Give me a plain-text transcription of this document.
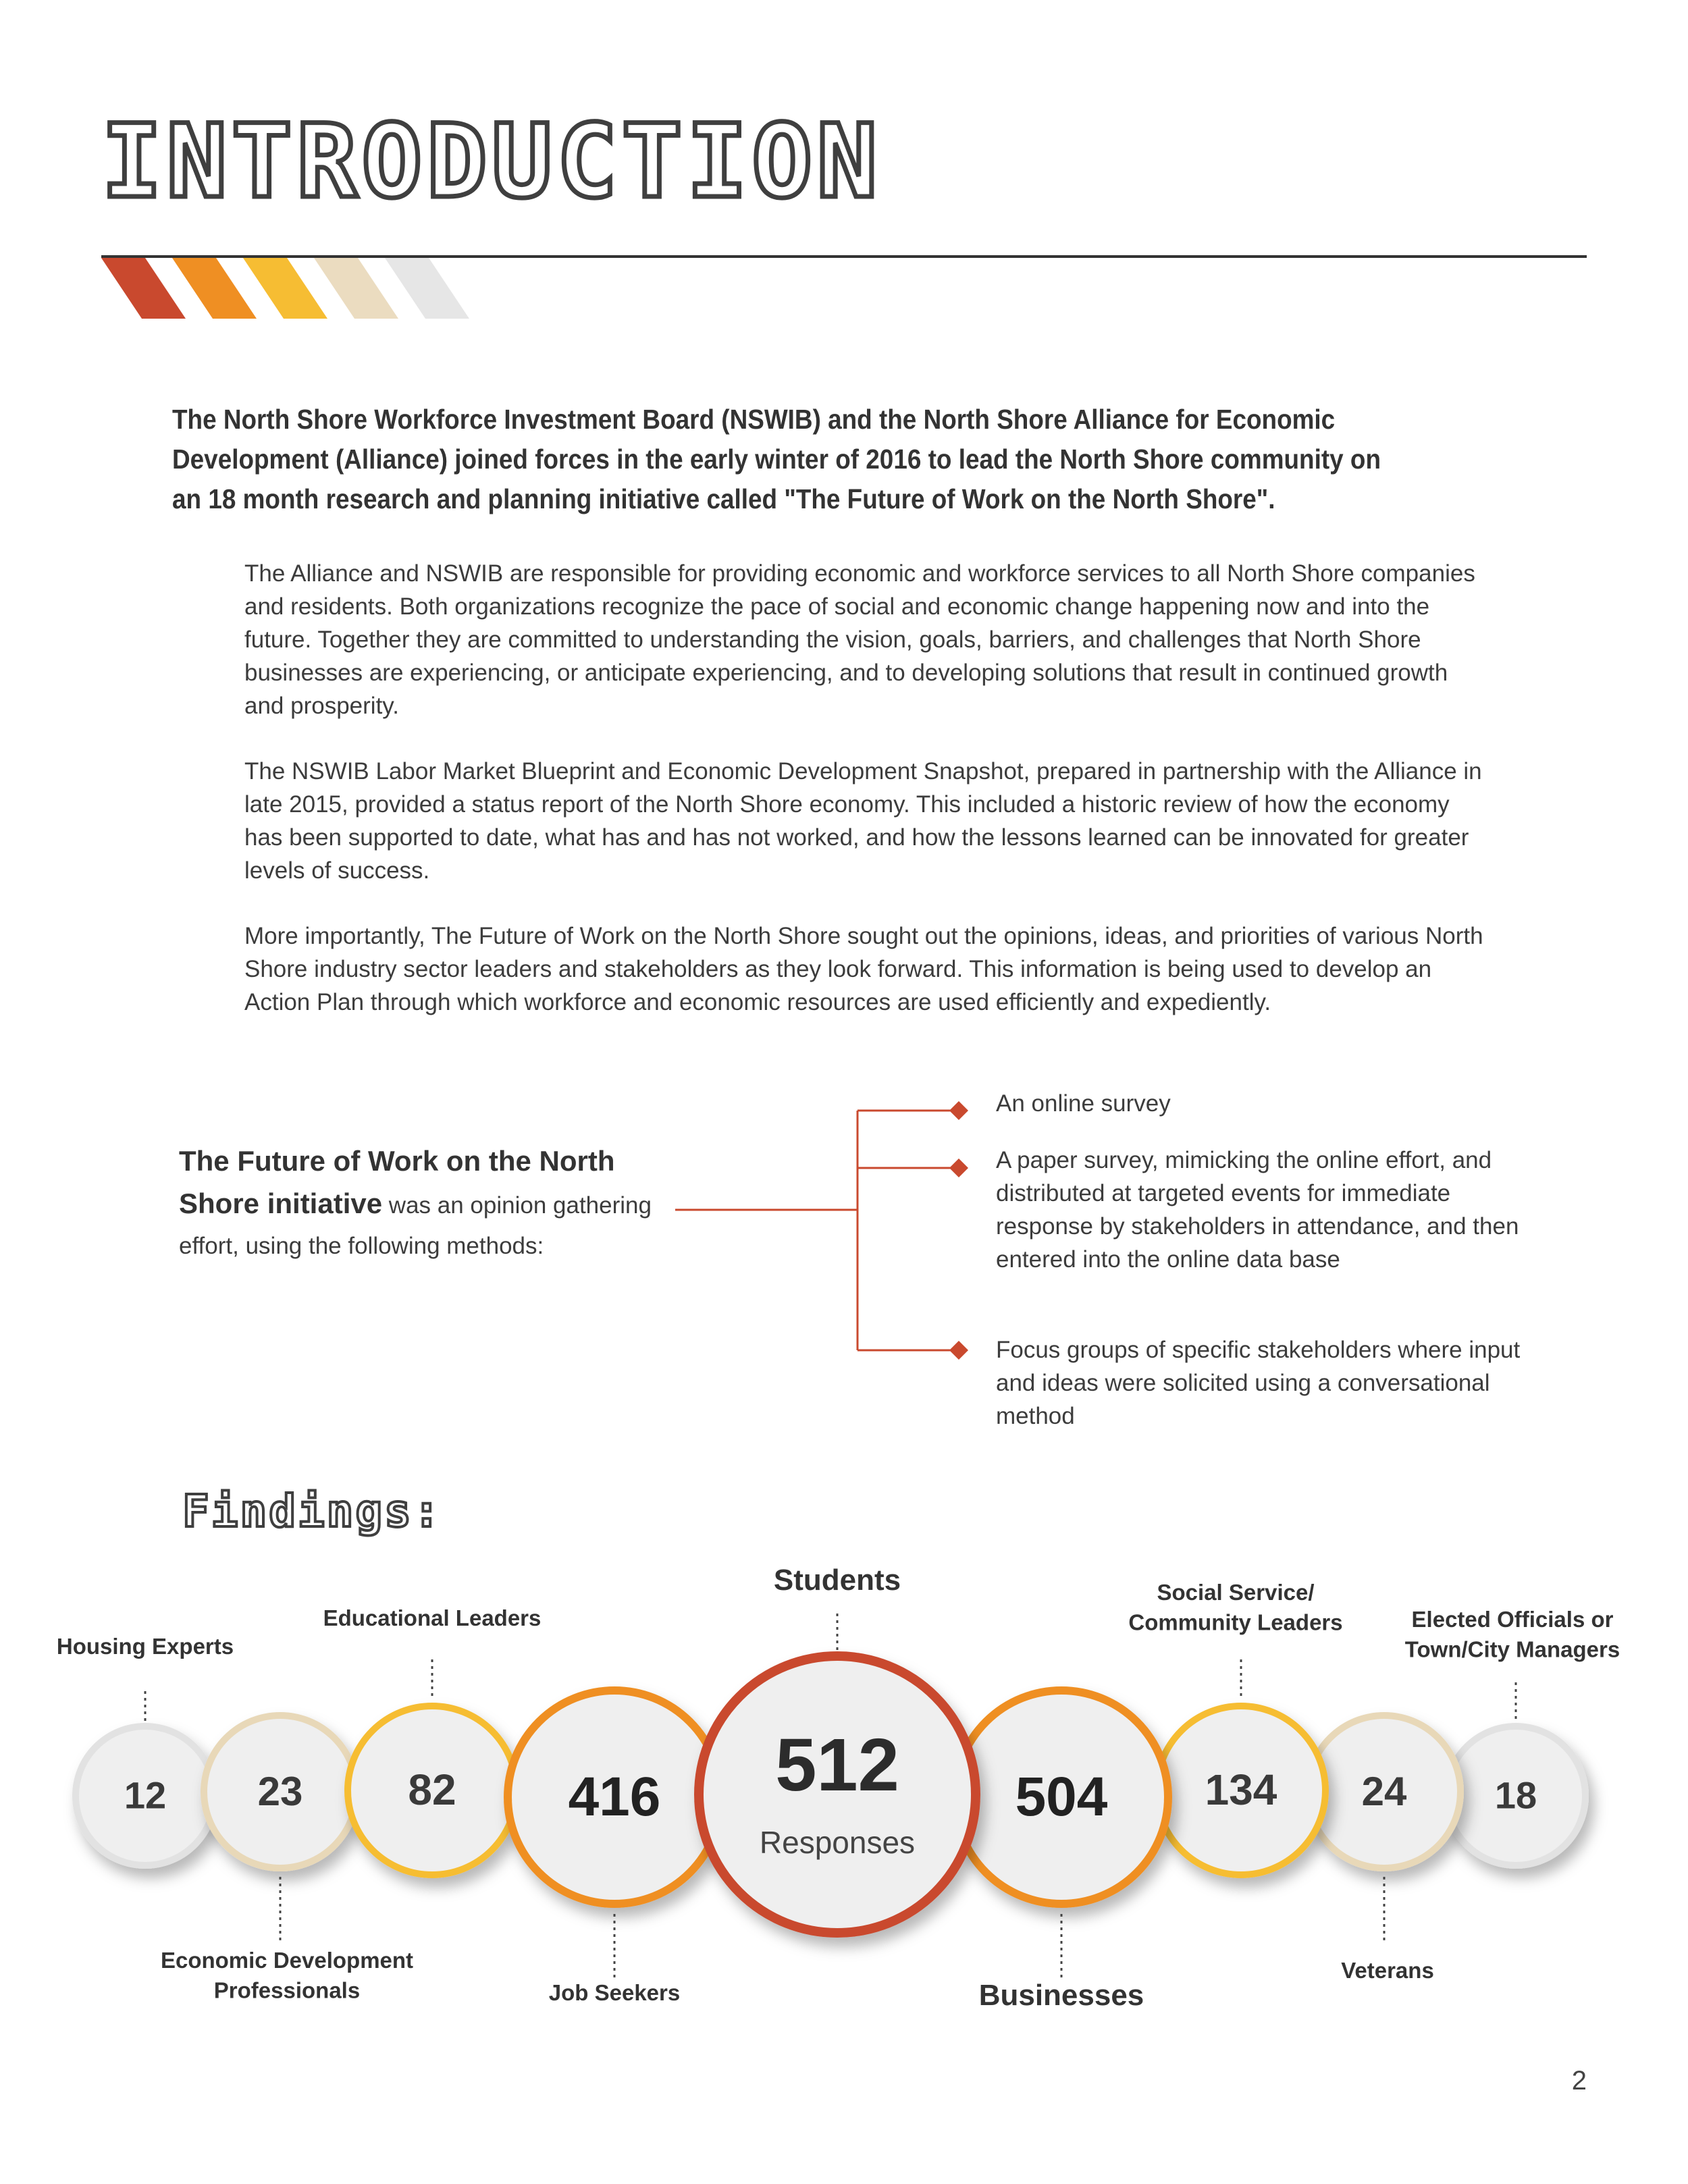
INTRODUCTION

The North Shore Workforce Investment Board (NSWIB) and the North Shore Alliance for Economic Development (Alliance) joined forces in the early winter of 2016 to lead the North Shore community on an 18 month research and planning initiative called "The Future of Work on the North Shore".

The Alliance and NSWIB are responsible for providing economic and workforce services to all North Shore companies and residents. Both organizations recognize the pace of social and economic change happening now and into the future. Together they are committed to understanding the vision, goals, barriers, and challenges that North Shore businesses are experiencing, or anticipate experiencing, and to developing solutions that result in continued growth and prosperity.

The NSWIB Labor Market Blueprint and Economic Development Snapshot, prepared in partnership with the Alliance in late 2015, provided a status report of the North Shore economy. This included a historic review of how the economy has been supported to date, what has and has not worked, and how the lessons learned can be innovated for greater levels of success.

More importantly, The Future of Work on the North Shore sought out the opinions, ideas, and priorities of various North Shore industry sector leaders and stakeholders as they look forward. This information is being used to develop an Action Plan through which workforce and economic resources are used efficiently and expediently.

The Future of Work on the North Shore initiative was an opinion gathering effort, using the following methods:

An online survey

A paper survey, mimicking the online effort, and distributed at targeted events for immediate response by stakeholders in attendance, and then entered into the online data base

Focus groups of specific stakeholders where input and ideas were solicited using a conversational method

Findings:
12	18
23	24
82	134
416	504
512
Responses
Students
Housing Experts
Economic Development Professionals
Educational Leaders
Job Seekers	Businesses
Social Service/ Community Leaders
Veterans
Elected Officials or Town/City Managers

2
